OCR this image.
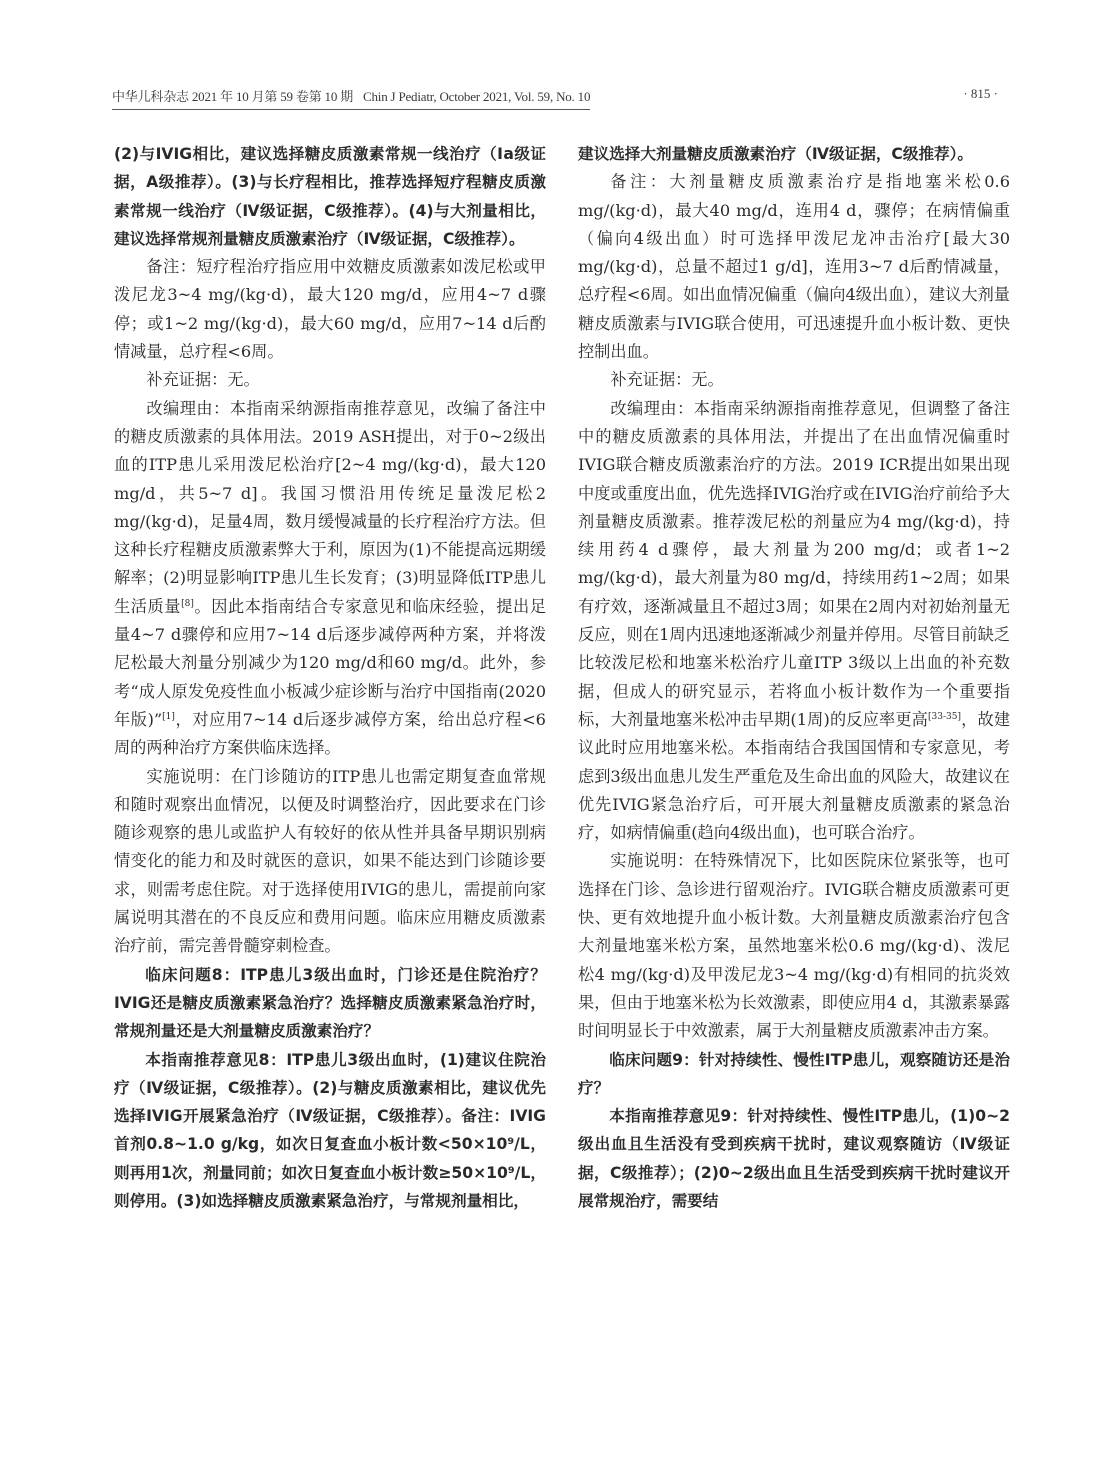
中华儿科杂志 2021 年 10 月第 59 卷第 10 期 Chin J Pediatr, October 2021, Vol. 59, No. 10	· 815 ·

(2)与IVIG相比，建议选择糖皮质激素常规一线治疗（Ⅰa级证据，A级推荐）。(3)与长疗程相比，推荐选择短疗程糖皮质激素常规一线治疗（Ⅳ级证据，C级推荐）。(4)与大剂量相比，建议选择常规剂量糖皮质激素治疗（Ⅳ级证据，C级推荐）。

备注：短疗程治疗指应用中效糖皮质激素如泼尼松或甲泼尼龙3~4 mg/(kg·d)，最大120 mg/d，应用4~7 d骤停；或1~2 mg/(kg·d)，最大60 mg/d，应用7~14 d后酌情减量，总疗程<6周。

补充证据：无。

改编理由：本指南采纳源指南推荐意见，改编了备注中的糖皮质激素的具体用法。2019 ASH提出，对于0~2级出血的ITP患儿采用泼尼松治疗[2~4 mg/(kg·d)，最大120 mg/d，共5~7 d]。我国习惯沿用传统足量泼尼松2 mg/(kg·d)，足量4周，数月缓慢减量的长疗程治疗方法。但这种长疗程糖皮质激素弊大于利，原因为(1)不能提高远期缓解率；(2)明显影响ITP患儿生长发育；(3)明显降低ITP患儿生活质量[8]。因此本指南结合专家意见和临床经验，提出足量4~7 d骤停和应用7~14 d后逐步减停两种方案，并将泼尼松最大剂量分别减少为120 mg/d和60 mg/d。此外，参考“成人原发免疫性血小板减少症诊断与治疗中国指南(2020年版)”[1]，对应用7~14 d后逐步减停方案，给出总疗程<6周的两种治疗方案供临床选择。

实施说明：在门诊随访的ITP患儿也需定期复查血常规和随时观察出血情况，以便及时调整治疗，因此要求在门诊随诊观察的患儿或监护人有较好的依从性并具备早期识别病情变化的能力和及时就医的意识，如果不能达到门诊随诊要求，则需考虑住院。对于选择使用IVIG的患儿，需提前向家属说明其潜在的不良反应和费用问题。临床应用糖皮质激素治疗前，需完善骨髓穿刺检查。

临床问题8：ITP患儿3级出血时，门诊还是住院治疗？IVIG还是糖皮质激素紧急治疗？选择糖皮质激素紧急治疗时，常规剂量还是大剂量糖皮质激素治疗？

本指南推荐意见8：ITP患儿3级出血时，(1)建议住院治疗（Ⅳ级证据，C级推荐）。(2)与糖皮质激素相比，建议优先选择IVIG开展紧急治疗（Ⅳ级证据，C级推荐）。备注：IVIG首剂0.8~1.0 g/kg，如次日复查血小板计数<50×10⁹/L，则再用1次，剂量同前；如次日复查血小板计数≥50×10⁹/L，则停用。(3)如选择糖皮质激素紧急治疗，与常规剂量相比，

建议选择大剂量糖皮质激素治疗（Ⅳ级证据，C级推荐）。

备注：大剂量糖皮质激素治疗是指地塞米松0.6 mg/(kg·d)，最大40 mg/d，连用4 d，骤停；在病情偏重（偏向4级出血）时可选择甲泼尼龙冲击治疗[最大30 mg/(kg·d)，总量不超过1 g/d]，连用3~7 d后酌情减量，总疗程<6周。如出血情况偏重（偏向4级出血），建议大剂量糖皮质激素与IVIG联合使用，可迅速提升血小板计数、更快控制出血。

补充证据：无。

改编理由：本指南采纳源指南推荐意见，但调整了备注中的糖皮质激素的具体用法，并提出了在出血情况偏重时IVIG联合糖皮质激素治疗的方法。2019 ICR提出如果出现中度或重度出血，优先选择IVIG治疗或在IVIG治疗前给予大剂量糖皮质激素。推荐泼尼松的剂量应为4 mg/(kg·d)，持续用药4 d骤停，最大剂量为200 mg/d；或者1~2 mg/(kg·d)，最大剂量为80 mg/d，持续用药1~2周；如果有疗效，逐渐减量且不超过3周；如果在2周内对初始剂量无反应，则在1周内迅速地逐渐减少剂量并停用。尽管目前缺乏比较泼尼松和地塞米松治疗儿童ITP 3级以上出血的补充数据，但成人的研究显示，若将血小板计数作为一个重要指标，大剂量地塞米松冲击早期(1周)的反应率更高[33-35]，故建议此时应用地塞米松。本指南结合我国国情和专家意见，考虑到3级出血患儿发生严重危及生命出血的风险大，故建议在优先IVIG紧急治疗后，可开展大剂量糖皮质激素的紧急治疗，如病情偏重(趋向4级出血)，也可联合治疗。

实施说明：在特殊情况下，比如医院床位紧张等，也可选择在门诊、急诊进行留观治疗。IVIG联合糖皮质激素可更快、更有效地提升血小板计数。大剂量糖皮质激素治疗包含大剂量地塞米松方案，虽然地塞米松0.6 mg/(kg·d)、泼尼松4 mg/(kg·d)及甲泼尼龙3~4 mg/(kg·d)有相同的抗炎效果，但由于地塞米松为长效激素，即使应用4 d，其激素暴露时间明显长于中效激素，属于大剂量糖皮质激素冲击方案。

临床问题9：针对持续性、慢性ITP患儿，观察随访还是治疗？

本指南推荐意见9：针对持续性、慢性ITP患儿，(1)0~2级出血且生活没有受到疾病干扰时，建议观察随访（Ⅳ级证据，C级推荐）；(2)0~2级出血且生活受到疾病干扰时建议开展常规治疗，需要结
